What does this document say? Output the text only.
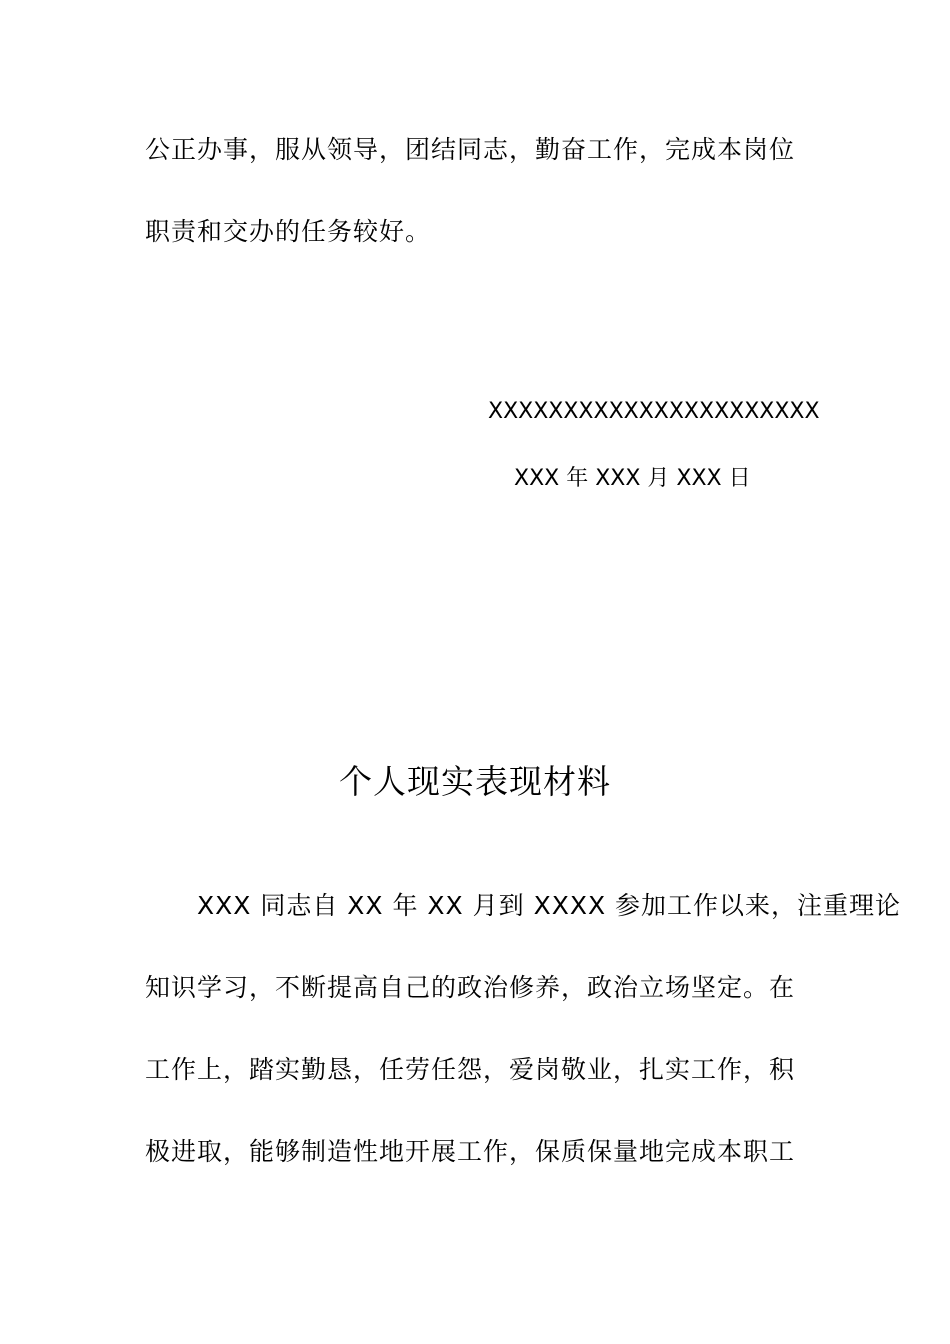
公正办事，服从领导，团结同志，勤奋工作，完成本岗位
职责和交办的任务较好。
XXXXXXXXXXXXXXXXXXXXXX
XXX 年 XXX 月 XXX 日
个人现实表现材料
　　XXX 同志自 XX 年 XX 月到 XXXX 参加工作以来，注重理论
知识学习，不断提高自己的政治修养，政治立场坚定。在
工作上，踏实勤恳，任劳任怨，爱岗敬业，扎实工作，积
极进取，能够制造性地开展工作，保质保量地完成本职工
